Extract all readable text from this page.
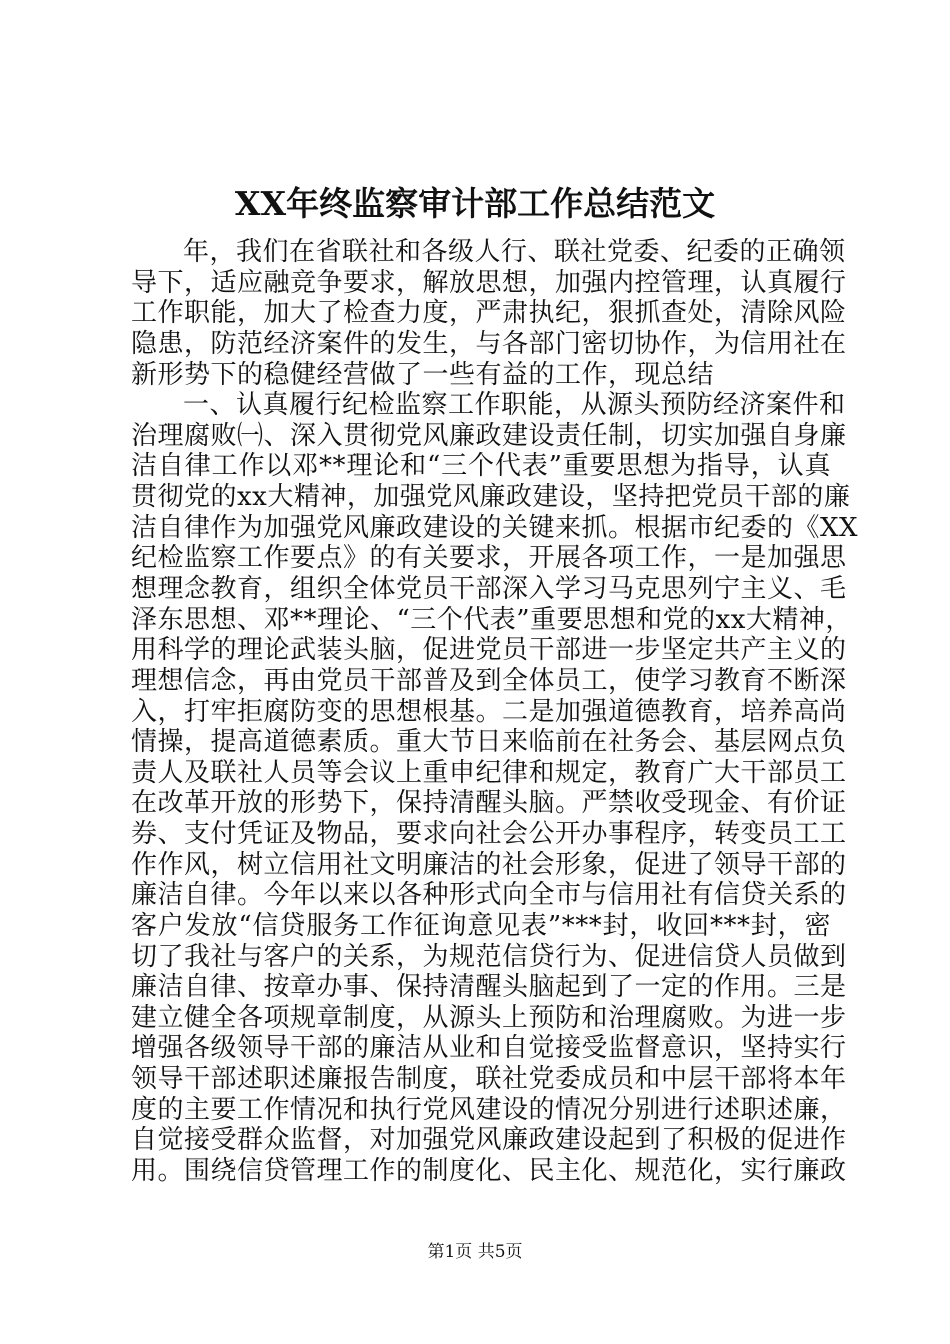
XX年终监察审计部工作总结范文
年，我们在省联社和各级人行、联社党委、纪委的正确领
导下，适应融竞争要求，解放思想，加强内控管理，认真履行
工作职能，加大了检查力度，严肃执纪，狠抓查处，清除风险
隐患，防范经济案件的发生，与各部门密切协作，为信用社在
新形势下的稳健经营做了一些有益的工作，现总结
一、认真履行纪检监察工作职能，从源头预防经济案件和
治理腐败㈠、深入贯彻党风廉政建设责任制，切实加强自身廉
洁自律工作以邓**理论和“三个代表”重要思想为指导，认真
贯彻党的xx大精神，加强党风廉政建设，坚持把党员干部的廉
洁自律作为加强党风廉政建设的关键来抓。根据市纪委的《XX
纪检监察工作要点》的有关要求，开展各项工作，一是加强思
想理念教育，组织全体党员干部深入学习马克思列宁主义、毛
泽东思想、邓**理论、“三个代表”重要思想和党的xx大精神，
用科学的理论武装头脑，促进党员干部进一步坚定共产主义的
理想信念，再由党员干部普及到全体员工，使学习教育不断深
入，打牢拒腐防变的思想根基。二是加强道德教育，培养高尚
情操，提高道德素质。重大节日来临前在社务会、基层网点负
责人及联社人员等会议上重申纪律和规定，教育广大干部员工
在改革开放的形势下，保持清醒头脑。严禁收受现金、有价证
券、支付凭证及物品，要求向社会公开办事程序，转变员工工
作作风，树立信用社文明廉洁的社会形象，促进了领导干部的
廉洁自律。今年以来以各种形式向全市与信用社有信贷关系的
客户发放“信贷服务工作征询意见表”***封，收回***封，密
切了我社与客户的关系，为规范信贷行为、促进信贷人员做到
廉洁自律、按章办事、保持清醒头脑起到了一定的作用。三是
建立健全各项规章制度，从源头上预防和治理腐败。为进一步
增强各级领导干部的廉洁从业和自觉接受监督意识，坚持实行
领导干部述职述廉报告制度，联社党委成员和中层干部将本年
度的主要工作情况和执行党风建设的情况分别进行述职述廉，
自觉接受群众监督，对加强党风廉政建设起到了积极的促进作
用。围绕信贷管理工作的制度化、民主化、规范化，实行廉政
第1页 共5页
